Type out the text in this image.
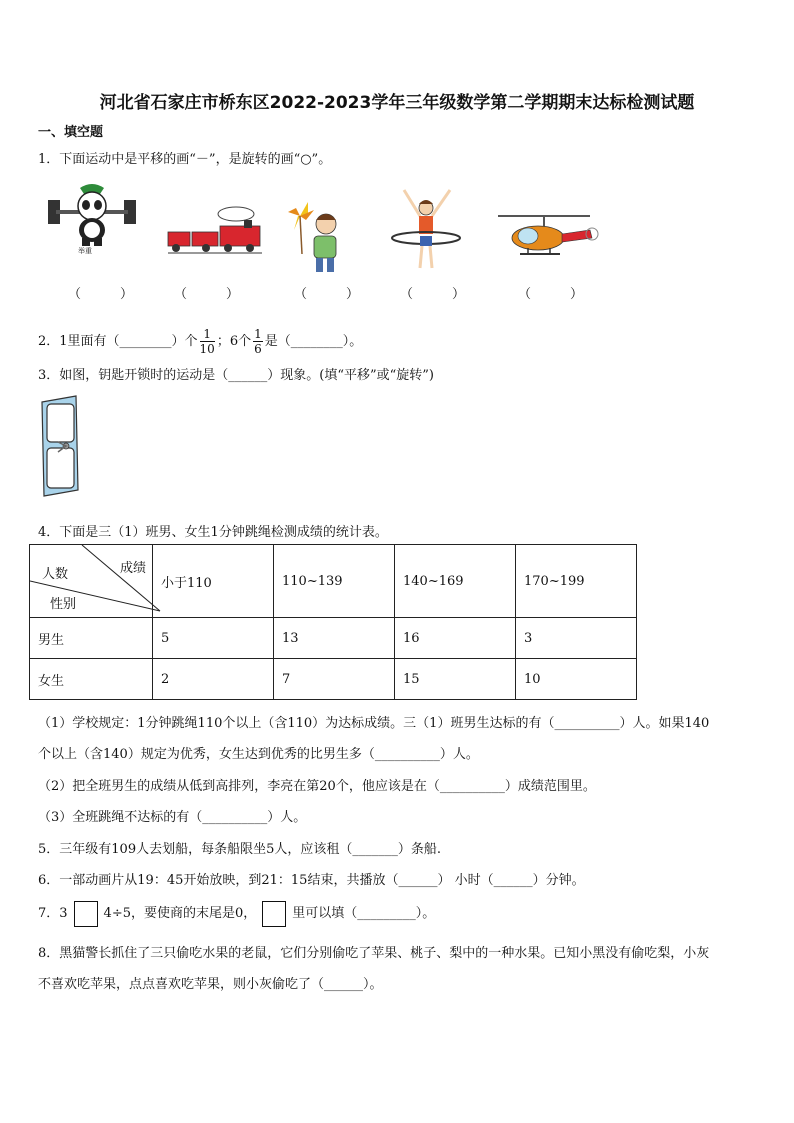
河北省石家庄市桥东区2022-2023学年三年级数学第二学期期末达标检测试题
一、填空题
1．下面运动中是平移的画“－”，是旋转的画“○”。
举重
（　　　）	（　　　）	（　　　）	（　　　）	（　　　）
2．1里面有（________）个 $\frac{1}{10}$ ；6个 $\frac{1}{6}$ 是（________）。
3．如图，钥匙开锁时的运动是（______）现象。(填“平移”或“旋转”)
4．下面是三（1）班男、女生1分钟跳绳检测成绩的统计表。
成绩
人数
性别	小于110	110~139	140~169	170~199
男生	5	13	16	3
女生	2	7	15	10
（1）学校规定：1分钟跳绳110个以上（含110）为达标成绩。三（1）班男生达标的有（__________）人。如果140
个以上（含140）规定为优秀，女生达到优秀的比男生多（__________）人。
（2）把全班男生的成绩从低到高排列，李亮在第20个，他应该是在（__________）成绩范围里。
（3）全班跳绳不达标的有（__________）人。
5．三年级有109人去划船，每条船限坐5人，应该租（_______）条船.
6．一部动画片从19：45开始放映，到21：15结束，共播放（______） 小时（______）分钟。
7．3	4÷5，要使商的末尾是0，	里可以填（_________）。
8．黑猫警长抓住了三只偷吃水果的老鼠，它们分别偷吃了苹果、桃子、梨中的一种水果。已知小黑没有偷吃梨，小灰
不喜欢吃苹果，点点喜欢吃苹果，则小灰偷吃了（______）。
